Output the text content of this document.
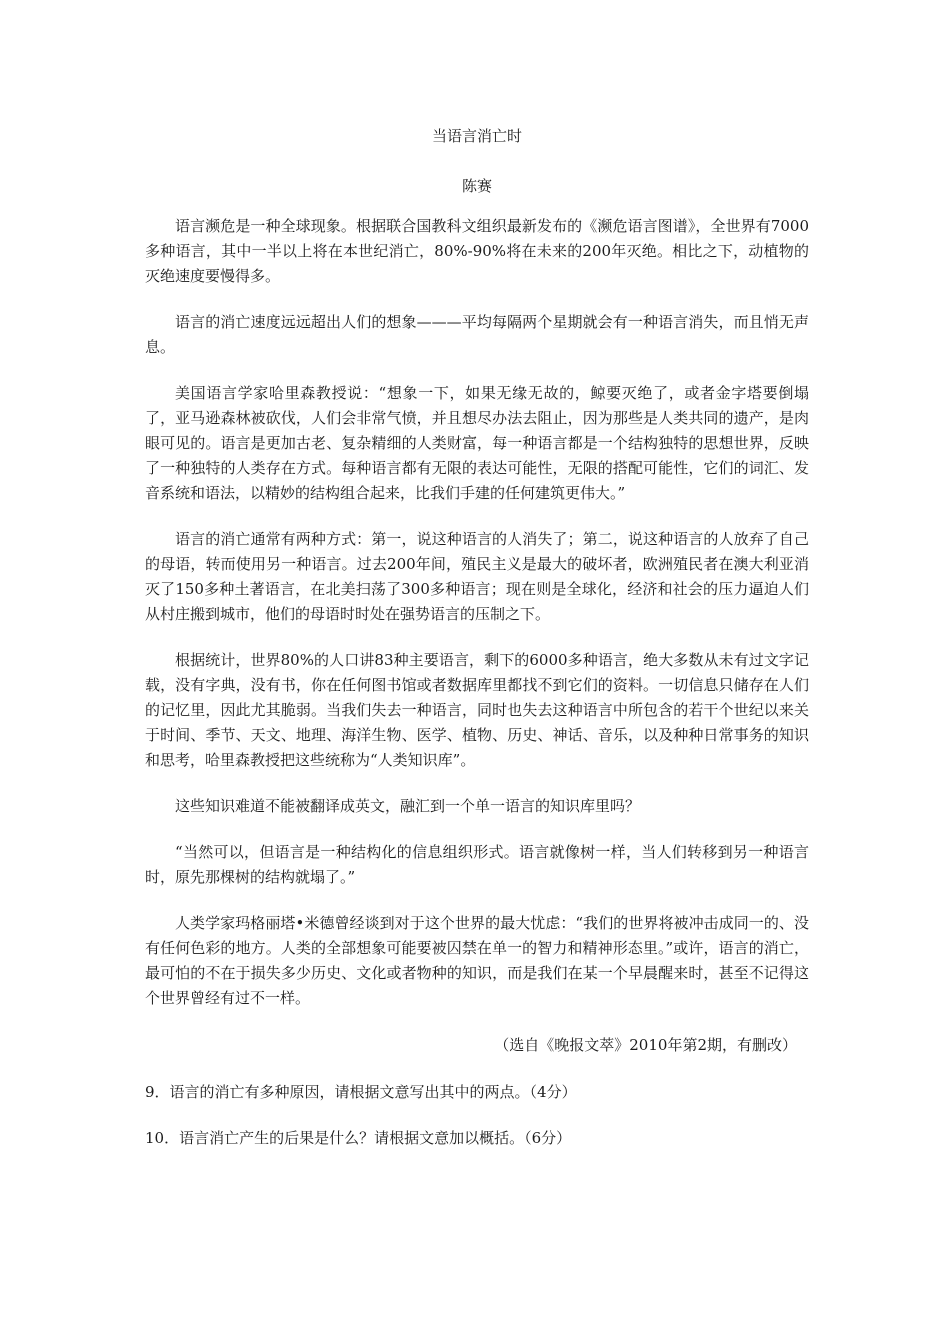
当语言消亡时
陈赛

语言濒危是一种全球现象。根据联合国教科文组织最新发布的《濒危语言图谱》，全世界有7000多种语言，其中一半以上将在本世纪消亡，80%-90%将在未来的200年灭绝。相比之下，动植物的灭绝速度要慢得多。

语言的消亡速度远远超出人们的想象———平均每隔两个星期就会有一种语言消失，而且悄无声息。

美国语言学家哈里森教授说：“想象一下，如果无缘无故的，鲸要灭绝了，或者金字塔要倒塌了，亚马逊森林被砍伐，人们会非常气愤，并且想尽办法去阻止，因为那些是人类共同的遗产，是肉眼可见的。语言是更加古老、复杂精细的人类财富，每一种语言都是一个结构独特的思想世界，反映了一种独特的人类存在方式。每种语言都有无限的表达可能性，无限的搭配可能性，它们的词汇、发音系统和语法，以精妙的结构组合起来，比我们手建的任何建筑更伟大。”

语言的消亡通常有两种方式：第一，说这种语言的人消失了；第二，说这种语言的人放弃了自己的母语，转而使用另一种语言。过去200年间，殖民主义是最大的破坏者，欧洲殖民者在澳大利亚消灭了150多种土著语言，在北美扫荡了300多种语言；现在则是全球化，经济和社会的压力逼迫人们从村庄搬到城市，他们的母语时时处在强势语言的压制之下。

根据统计，世界80%的人口讲83种主要语言，剩下的6000多种语言，绝大多数从未有过文字记载，没有字典，没有书，你在任何图书馆或者数据库里都找不到它们的资料。一切信息只储存在人们的记忆里，因此尤其脆弱。当我们失去一种语言，同时也失去这种语言中所包含的若干个世纪以来关于时间、季节、天文、地理、海洋生物、医学、植物、历史、神话、音乐，以及种种日常事务的知识和思考，哈里森教授把这些统称为“人类知识库”。

这些知识难道不能被翻译成英文，融汇到一个单一语言的知识库里吗？

“当然可以，但语言是一种结构化的信息组织形式。语言就像树一样，当人们转移到另一种语言时，原先那棵树的结构就塌了。”

人类学家玛格丽塔•米德曾经谈到对于这个世界的最大忧虑：“我们的世界将被冲击成同一的、没有任何色彩的地方。人类的全部想象可能要被囚禁在单一的智力和精神形态里。”或许，语言的消亡，最可怕的不在于损失多少历史、文化或者物种的知识，而是我们在某一个早晨醒来时，甚至不记得这个世界曾经有过不一样。

（选自《晚报文萃》2010年第2期，有删改）

9．语言的消亡有多种原因，请根据文意写出其中的两点。（4分）

10．语言消亡产生的后果是什么？请根据文意加以概括。（6分）
